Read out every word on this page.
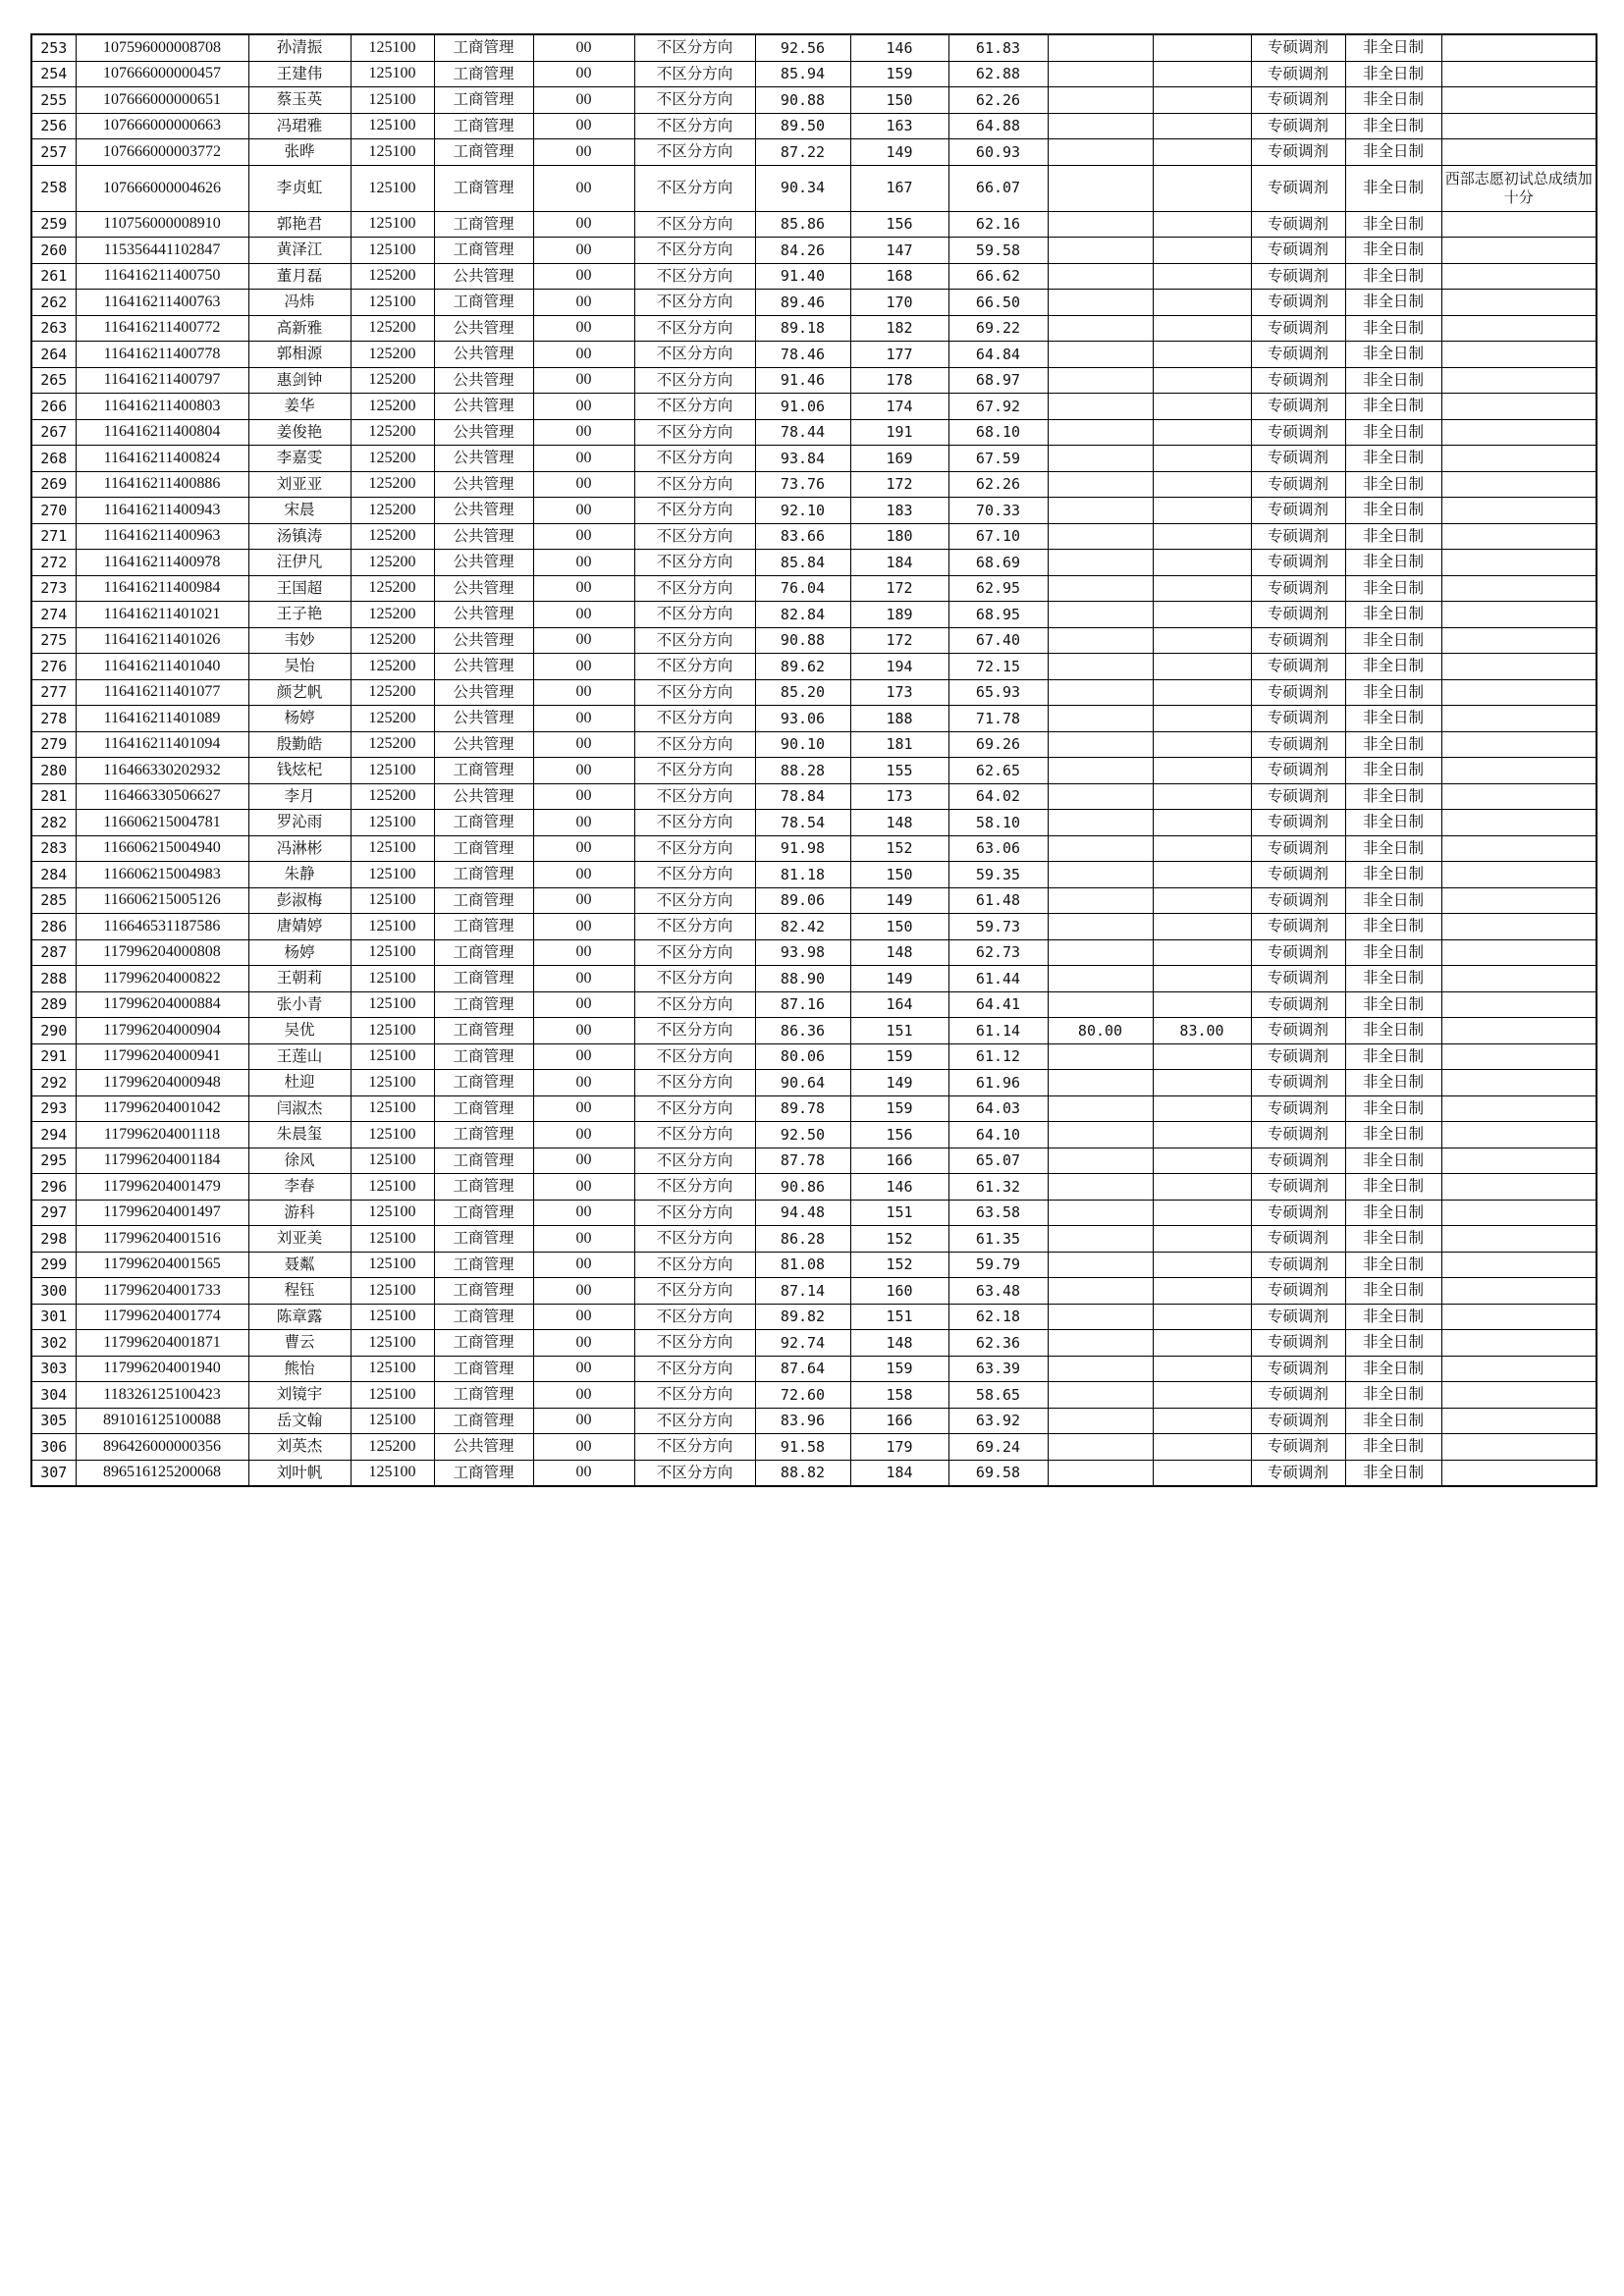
253	107596000008708	孙清振	125100	工商管理	00	不区分方向	92.56	146	61.83			专硕调剂	非全日制	
254	107666000000457	王建伟	125100	工商管理	00	不区分方向	85.94	159	62.88			专硕调剂	非全日制	
255	107666000000651	蔡玉英	125100	工商管理	00	不区分方向	90.88	150	62.26			专硕调剂	非全日制	
256	107666000000663	冯珺雅	125100	工商管理	00	不区分方向	89.50	163	64.88			专硕调剂	非全日制	
257	107666000003772	张晔	125100	工商管理	00	不区分方向	87.22	149	60.93			专硕调剂	非全日制	
258	107666000004626	李贞虹	125100	工商管理	00	不区分方向	90.34	167	66.07			专硕调剂	非全日制	西部志愿初试总成绩加十分
259	110756000008910	郭艳君	125100	工商管理	00	不区分方向	85.86	156	62.16			专硕调剂	非全日制	
260	115356441102847	黄泽江	125100	工商管理	00	不区分方向	84.26	147	59.58			专硕调剂	非全日制	
261	116416211400750	董月磊	125200	公共管理	00	不区分方向	91.40	168	66.62			专硕调剂	非全日制	
262	116416211400763	冯炜	125100	工商管理	00	不区分方向	89.46	170	66.50			专硕调剂	非全日制	
263	116416211400772	高新雅	125200	公共管理	00	不区分方向	89.18	182	69.22			专硕调剂	非全日制	
264	116416211400778	郭相源	125200	公共管理	00	不区分方向	78.46	177	64.84			专硕调剂	非全日制	
265	116416211400797	惠剑钟	125200	公共管理	00	不区分方向	91.46	178	68.97			专硕调剂	非全日制	
266	116416211400803	姜华	125200	公共管理	00	不区分方向	91.06	174	67.92			专硕调剂	非全日制	
267	116416211400804	姜俊艳	125200	公共管理	00	不区分方向	78.44	191	68.10			专硕调剂	非全日制	
268	116416211400824	李嘉雯	125200	公共管理	00	不区分方向	93.84	169	67.59			专硕调剂	非全日制	
269	116416211400886	刘亚亚	125200	公共管理	00	不区分方向	73.76	172	62.26			专硕调剂	非全日制	
270	116416211400943	宋晨	125200	公共管理	00	不区分方向	92.10	183	70.33			专硕调剂	非全日制	
271	116416211400963	汤镇涛	125200	公共管理	00	不区分方向	83.66	180	67.10			专硕调剂	非全日制	
272	116416211400978	汪伊凡	125200	公共管理	00	不区分方向	85.84	184	68.69			专硕调剂	非全日制	
273	116416211400984	王国超	125200	公共管理	00	不区分方向	76.04	172	62.95			专硕调剂	非全日制	
274	116416211401021	王子艳	125200	公共管理	00	不区分方向	82.84	189	68.95			专硕调剂	非全日制	
275	116416211401026	韦妙	125200	公共管理	00	不区分方向	90.88	172	67.40			专硕调剂	非全日制	
276	116416211401040	吴怡	125200	公共管理	00	不区分方向	89.62	194	72.15			专硕调剂	非全日制	
277	116416211401077	颜艺帆	125200	公共管理	00	不区分方向	85.20	173	65.93			专硕调剂	非全日制	
278	116416211401089	杨婷	125200	公共管理	00	不区分方向	93.06	188	71.78			专硕调剂	非全日制	
279	116416211401094	殷勤皓	125200	公共管理	00	不区分方向	90.10	181	69.26			专硕调剂	非全日制	
280	116466330202932	钱炫杞	125100	工商管理	00	不区分方向	88.28	155	62.65			专硕调剂	非全日制	
281	116466330506627	李月	125200	公共管理	00	不区分方向	78.84	173	64.02			专硕调剂	非全日制	
282	116606215004781	罗沁雨	125100	工商管理	00	不区分方向	78.54	148	58.10			专硕调剂	非全日制	
283	116606215004940	冯淋彬	125100	工商管理	00	不区分方向	91.98	152	63.06			专硕调剂	非全日制	
284	116606215004983	朱静	125100	工商管理	00	不区分方向	81.18	150	59.35			专硕调剂	非全日制	
285	116606215005126	彭淑梅	125100	工商管理	00	不区分方向	89.06	149	61.48			专硕调剂	非全日制	
286	116646531187586	唐婧婷	125100	工商管理	00	不区分方向	82.42	150	59.73			专硕调剂	非全日制	
287	117996204000808	杨婷	125100	工商管理	00	不区分方向	93.98	148	62.73			专硕调剂	非全日制	
288	117996204000822	王朝莉	125100	工商管理	00	不区分方向	88.90	149	61.44			专硕调剂	非全日制	
289	117996204000884	张小青	125100	工商管理	00	不区分方向	87.16	164	64.41			专硕调剂	非全日制	
290	117996204000904	吴优	125100	工商管理	00	不区分方向	86.36	151	61.14	80.00	83.00	专硕调剂	非全日制	
291	117996204000941	王莲山	125100	工商管理	00	不区分方向	80.06	159	61.12			专硕调剂	非全日制	
292	117996204000948	杜迎	125100	工商管理	00	不区分方向	90.64	149	61.96			专硕调剂	非全日制	
293	117996204001042	闫淑杰	125100	工商管理	00	不区分方向	89.78	159	64.03			专硕调剂	非全日制	
294	117996204001118	朱晨玺	125100	工商管理	00	不区分方向	92.50	156	64.10			专硕调剂	非全日制	
295	117996204001184	徐风	125100	工商管理	00	不区分方向	87.78	166	65.07			专硕调剂	非全日制	
296	117996204001479	李春	125100	工商管理	00	不区分方向	90.86	146	61.32			专硕调剂	非全日制	
297	117996204001497	游科	125100	工商管理	00	不区分方向	94.48	151	63.58			专硕调剂	非全日制	
298	117996204001516	刘亚美	125100	工商管理	00	不区分方向	86.28	152	61.35			专硕调剂	非全日制	
299	117996204001565	聂粼	125100	工商管理	00	不区分方向	81.08	152	59.79			专硕调剂	非全日制	
300	117996204001733	程钰	125100	工商管理	00	不区分方向	87.14	160	63.48			专硕调剂	非全日制	
301	117996204001774	陈章露	125100	工商管理	00	不区分方向	89.82	151	62.18			专硕调剂	非全日制	
302	117996204001871	曹云	125100	工商管理	00	不区分方向	92.74	148	62.36			专硕调剂	非全日制	
303	117996204001940	熊怡	125100	工商管理	00	不区分方向	87.64	159	63.39			专硕调剂	非全日制	
304	118326125100423	刘镜宇	125100	工商管理	00	不区分方向	72.60	158	58.65			专硕调剂	非全日制	
305	891016125100088	岳文翰	125100	工商管理	00	不区分方向	83.96	166	63.92			专硕调剂	非全日制	
306	896426000000356	刘英杰	125200	公共管理	00	不区分方向	91.58	179	69.24			专硕调剂	非全日制	
307	896516125200068	刘叶帆	125100	工商管理	00	不区分方向	88.82	184	69.58			专硕调剂	非全日制	
